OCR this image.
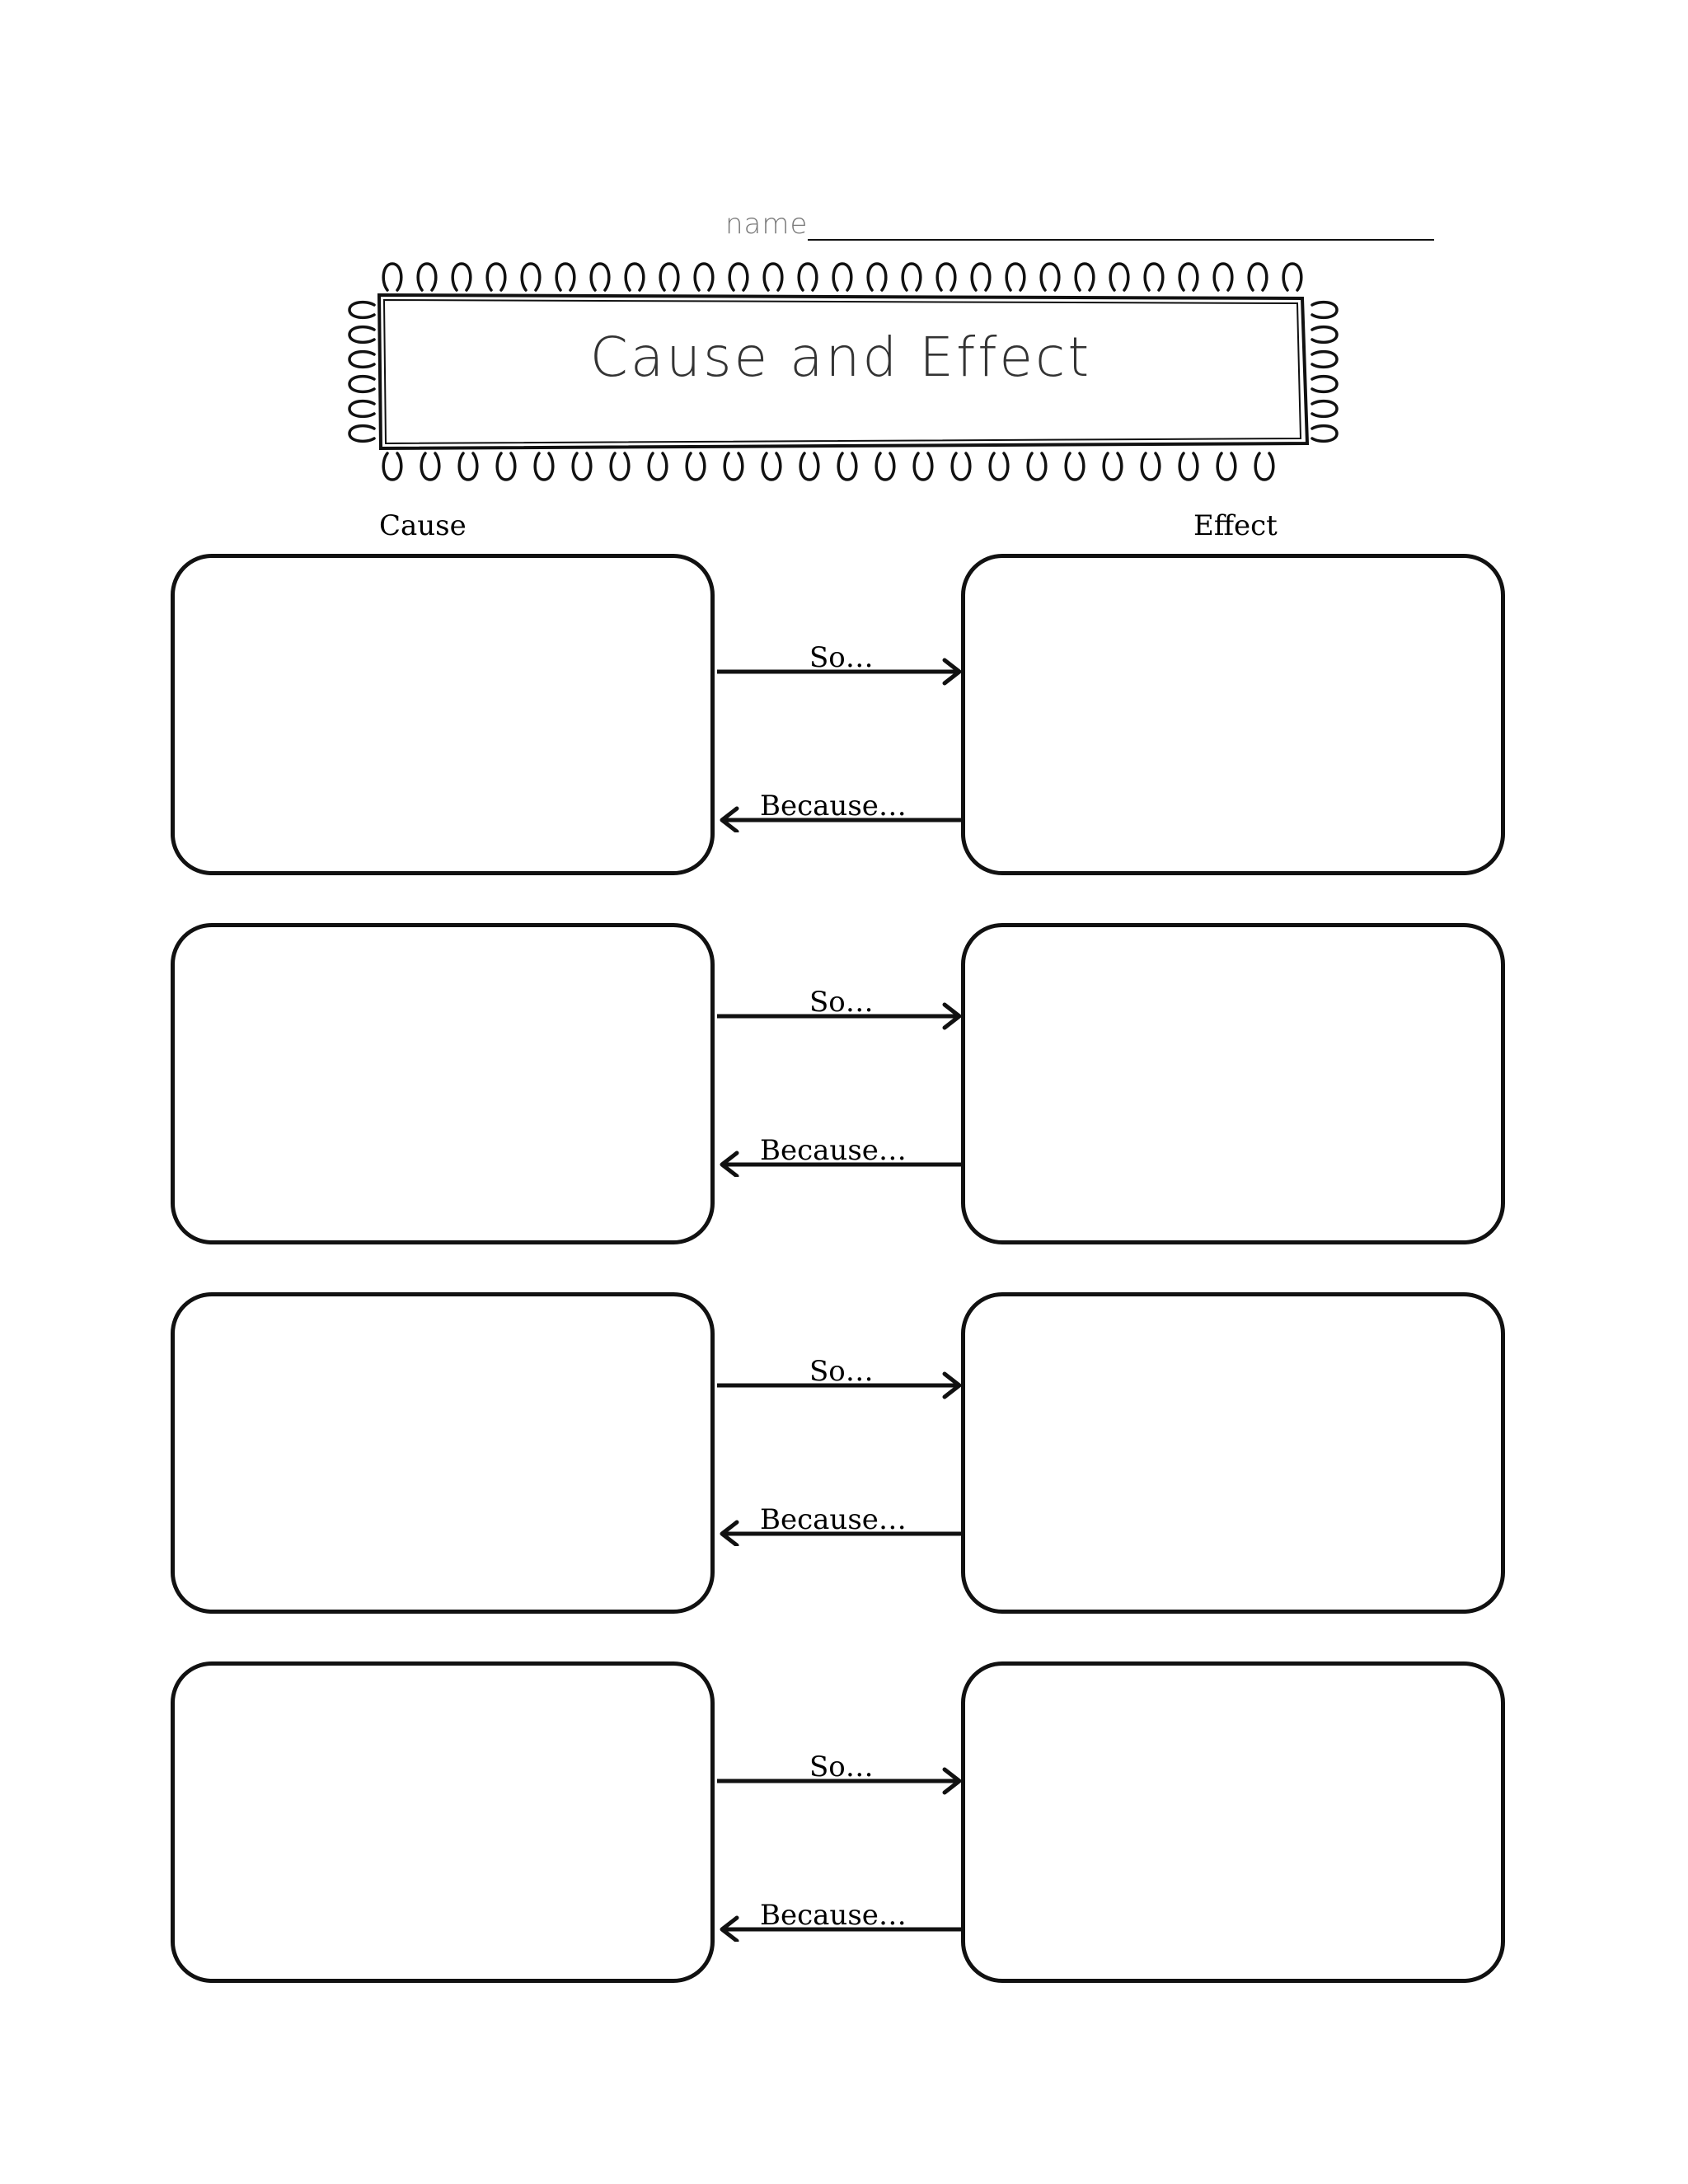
name
Cause and Effect
Cause	Effect
So…
Because…
So…
Because…
So…
Because…
So…
Because…
